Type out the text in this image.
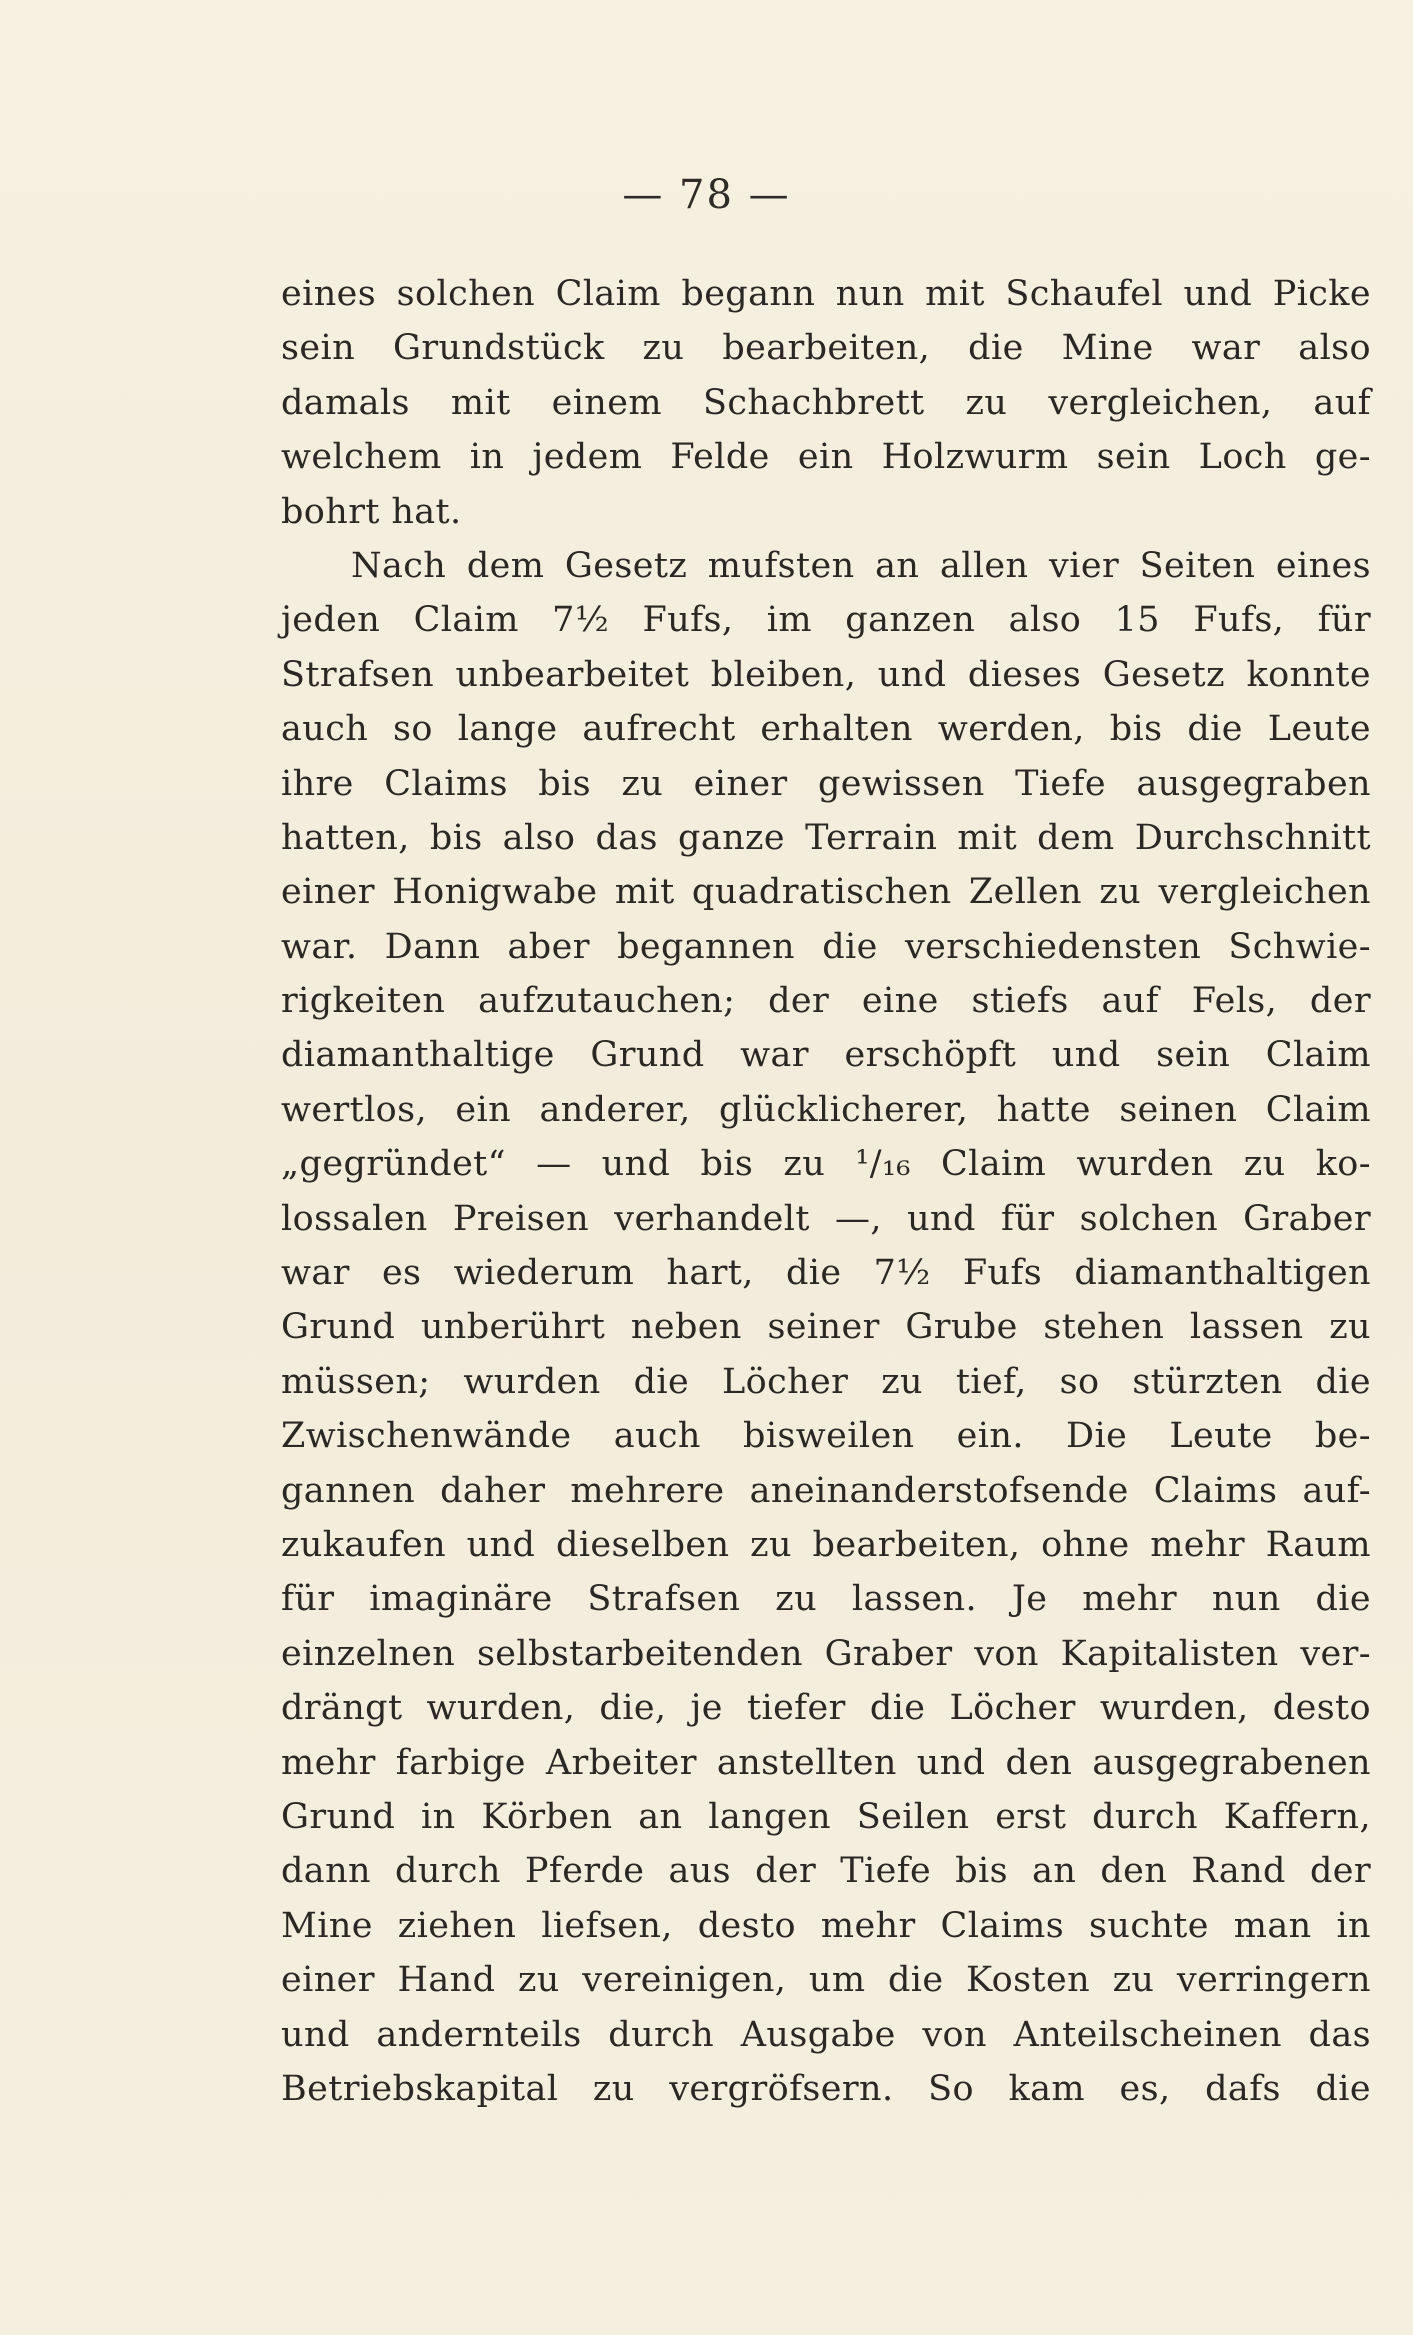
— 78 —
eines solchen Claim begann nun mit Schaufel und Picke
sein Grundstück zu bearbeiten, die Mine war also
damals mit einem Schachbrett zu vergleichen, auf
welchem in jedem Felde ein Holzwurm sein Loch ge-
bohrt hat.
Nach dem Gesetz mufsten an allen vier Seiten eines
jeden Claim 7½ Fufs, im ganzen also 15 Fufs, für
Strafsen unbearbeitet bleiben, und dieses Gesetz konnte
auch so lange aufrecht erhalten werden, bis die Leute
ihre Claims bis zu einer gewissen Tiefe ausgegraben
hatten, bis also das ganze Terrain mit dem Durchschnitt
einer Honigwabe mit quadratischen Zellen zu vergleichen
war. Dann aber begannen die verschiedensten Schwie-
rigkeiten aufzutauchen; der eine stiefs auf Fels, der
diamanthaltige Grund war erschöpft und sein Claim
wertlos, ein anderer, glücklicherer, hatte seinen Claim
„gegründet“ — und bis zu ¹/₁₆ Claim wurden zu ko-
lossalen Preisen verhandelt —, und für solchen Graber
war es wiederum hart, die 7½ Fufs diamanthaltigen
Grund unberührt neben seiner Grube stehen lassen zu
müssen; wurden die Löcher zu tief, so stürzten die
Zwischenwände auch bisweilen ein. Die Leute be-
gannen daher mehrere aneinanderstofsende Claims auf-
zukaufen und dieselben zu bearbeiten, ohne mehr Raum
für imaginäre Strafsen zu lassen. Je mehr nun die
einzelnen selbstarbeitenden Graber von Kapitalisten ver-
drängt wurden, die, je tiefer die Löcher wurden, desto
mehr farbige Arbeiter anstellten und den ausgegrabenen
Grund in Körben an langen Seilen erst durch Kaffern,
dann durch Pferde aus der Tiefe bis an den Rand der
Mine ziehen liefsen, desto mehr Claims suchte man in
einer Hand zu vereinigen, um die Kosten zu verringern
und andernteils durch Ausgabe von Anteilscheinen das
Betriebskapital zu vergröfsern. So kam es, dafs die
